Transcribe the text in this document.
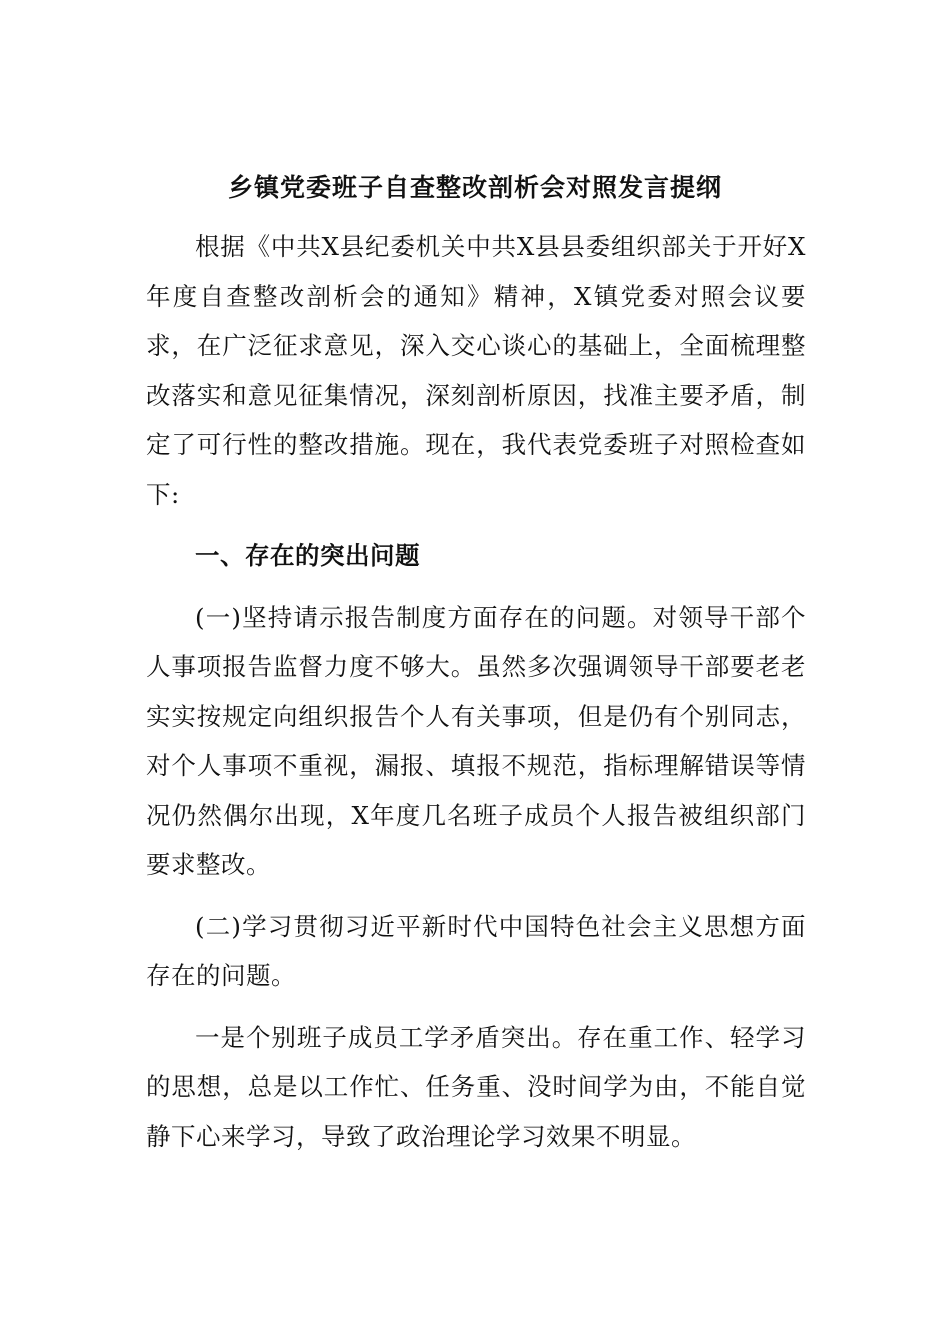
乡镇党委班子自查整改剖析会对照发言提纲

根据《中共X县纪委机关中共X县县委组织部关于开好X年度自查整改剖析会的通知》精神，X镇党委对照会议要求，在广泛征求意见，深入交心谈心的基础上，全面梳理整改落实和意见征集情况，深刻剖析原因，找准主要矛盾，制定了可行性的整改措施。现在，我代表党委班子对照检查如下:

一、存在的突出问题

(一)坚持请示报告制度方面存在的问题。对领导干部个人事项报告监督力度不够大。虽然多次强调领导干部要老老实实按规定向组织报告个人有关事项，但是仍有个别同志，对个人事项不重视，漏报、填报不规范，指标理解错误等情况仍然偶尔出现，X年度几名班子成员个人报告被组织部门要求整改。

(二)学习贯彻习近平新时代中国特色社会主义思想方面存在的问题。

一是个别班子成员工学矛盾突出。存在重工作、轻学习的思想，总是以工作忙、任务重、没时间学为由，不能自觉静下心来学习，导致了政治理论学习效果不明显。
